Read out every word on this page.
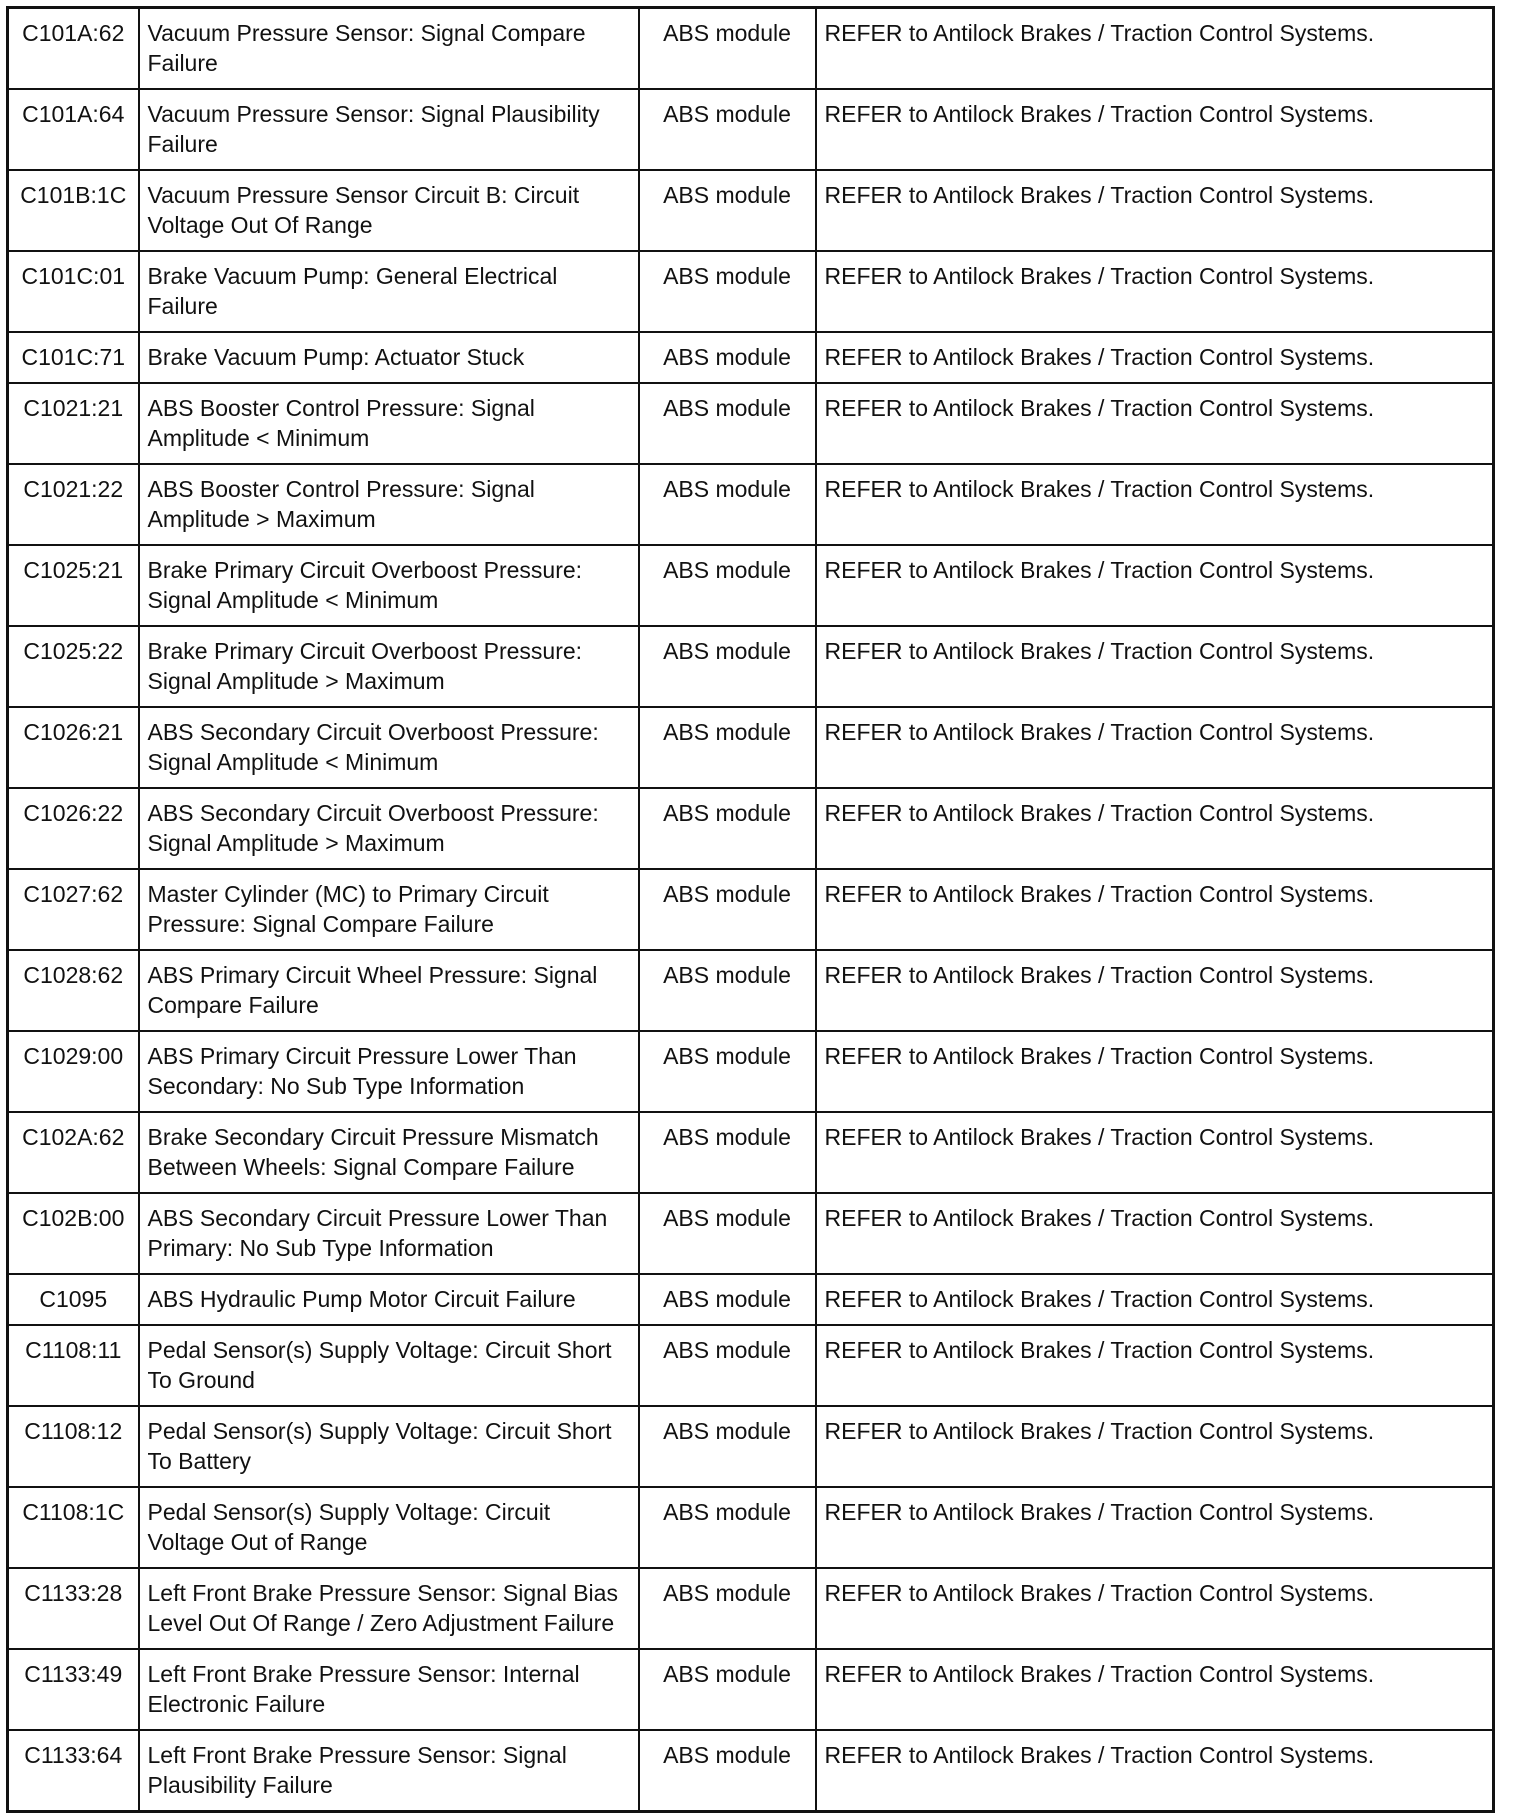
C101A:62	Vacuum Pressure Sensor: Signal Compare Failure	ABS module	REFER to Antilock Brakes / Traction Control Systems.
C101A:64	Vacuum Pressure Sensor: Signal Plausibility Failure	ABS module	REFER to Antilock Brakes / Traction Control Systems.
C101B:1C	Vacuum Pressure Sensor Circuit B: Circuit Voltage Out Of Range	ABS module	REFER to Antilock Brakes / Traction Control Systems.
C101C:01	Brake Vacuum Pump: General Electrical Failure	ABS module	REFER to Antilock Brakes / Traction Control Systems.
C101C:71	Brake Vacuum Pump: Actuator Stuck	ABS module	REFER to Antilock Brakes / Traction Control Systems.
C1021:21	ABS Booster Control Pressure: Signal Amplitude < Minimum	ABS module	REFER to Antilock Brakes / Traction Control Systems.
C1021:22	ABS Booster Control Pressure: Signal Amplitude > Maximum	ABS module	REFER to Antilock Brakes / Traction Control Systems.
C1025:21	Brake Primary Circuit Overboost Pressure: Signal Amplitude < Minimum	ABS module	REFER to Antilock Brakes / Traction Control Systems.
C1025:22	Brake Primary Circuit Overboost Pressure: Signal Amplitude > Maximum	ABS module	REFER to Antilock Brakes / Traction Control Systems.
C1026:21	ABS Secondary Circuit Overboost Pressure: Signal Amplitude < Minimum	ABS module	REFER to Antilock Brakes / Traction Control Systems.
C1026:22	ABS Secondary Circuit Overboost Pressure: Signal Amplitude > Maximum	ABS module	REFER to Antilock Brakes / Traction Control Systems.
C1027:62	Master Cylinder (MC) to Primary Circuit Pressure: Signal Compare Failure	ABS module	REFER to Antilock Brakes / Traction Control Systems.
C1028:62	ABS Primary Circuit Wheel Pressure: Signal Compare Failure	ABS module	REFER to Antilock Brakes / Traction Control Systems.
C1029:00	ABS Primary Circuit Pressure Lower Than Secondary: No Sub Type Information	ABS module	REFER to Antilock Brakes / Traction Control Systems.
C102A:62	Brake Secondary Circuit Pressure Mismatch Between Wheels: Signal Compare Failure	ABS module	REFER to Antilock Brakes / Traction Control Systems.
C102B:00	ABS Secondary Circuit Pressure Lower Than Primary: No Sub Type Information	ABS module	REFER to Antilock Brakes / Traction Control Systems.
C1095	ABS Hydraulic Pump Motor Circuit Failure	ABS module	REFER to Antilock Brakes / Traction Control Systems.
C1108:11	Pedal Sensor(s) Supply Voltage: Circuit Short To Ground	ABS module	REFER to Antilock Brakes / Traction Control Systems.
C1108:12	Pedal Sensor(s) Supply Voltage: Circuit Short To Battery	ABS module	REFER to Antilock Brakes / Traction Control Systems.
C1108:1C	Pedal Sensor(s) Supply Voltage: Circuit Voltage Out of Range	ABS module	REFER to Antilock Brakes / Traction Control Systems.
C1133:28	Left Front Brake Pressure Sensor: Signal Bias Level Out Of Range / Zero Adjustment Failure	ABS module	REFER to Antilock Brakes / Traction Control Systems.
C1133:49	Left Front Brake Pressure Sensor: Internal Electronic Failure	ABS module	REFER to Antilock Brakes / Traction Control Systems.
C1133:64	Left Front Brake Pressure Sensor: Signal Plausibility Failure	ABS module	REFER to Antilock Brakes / Traction Control Systems.
